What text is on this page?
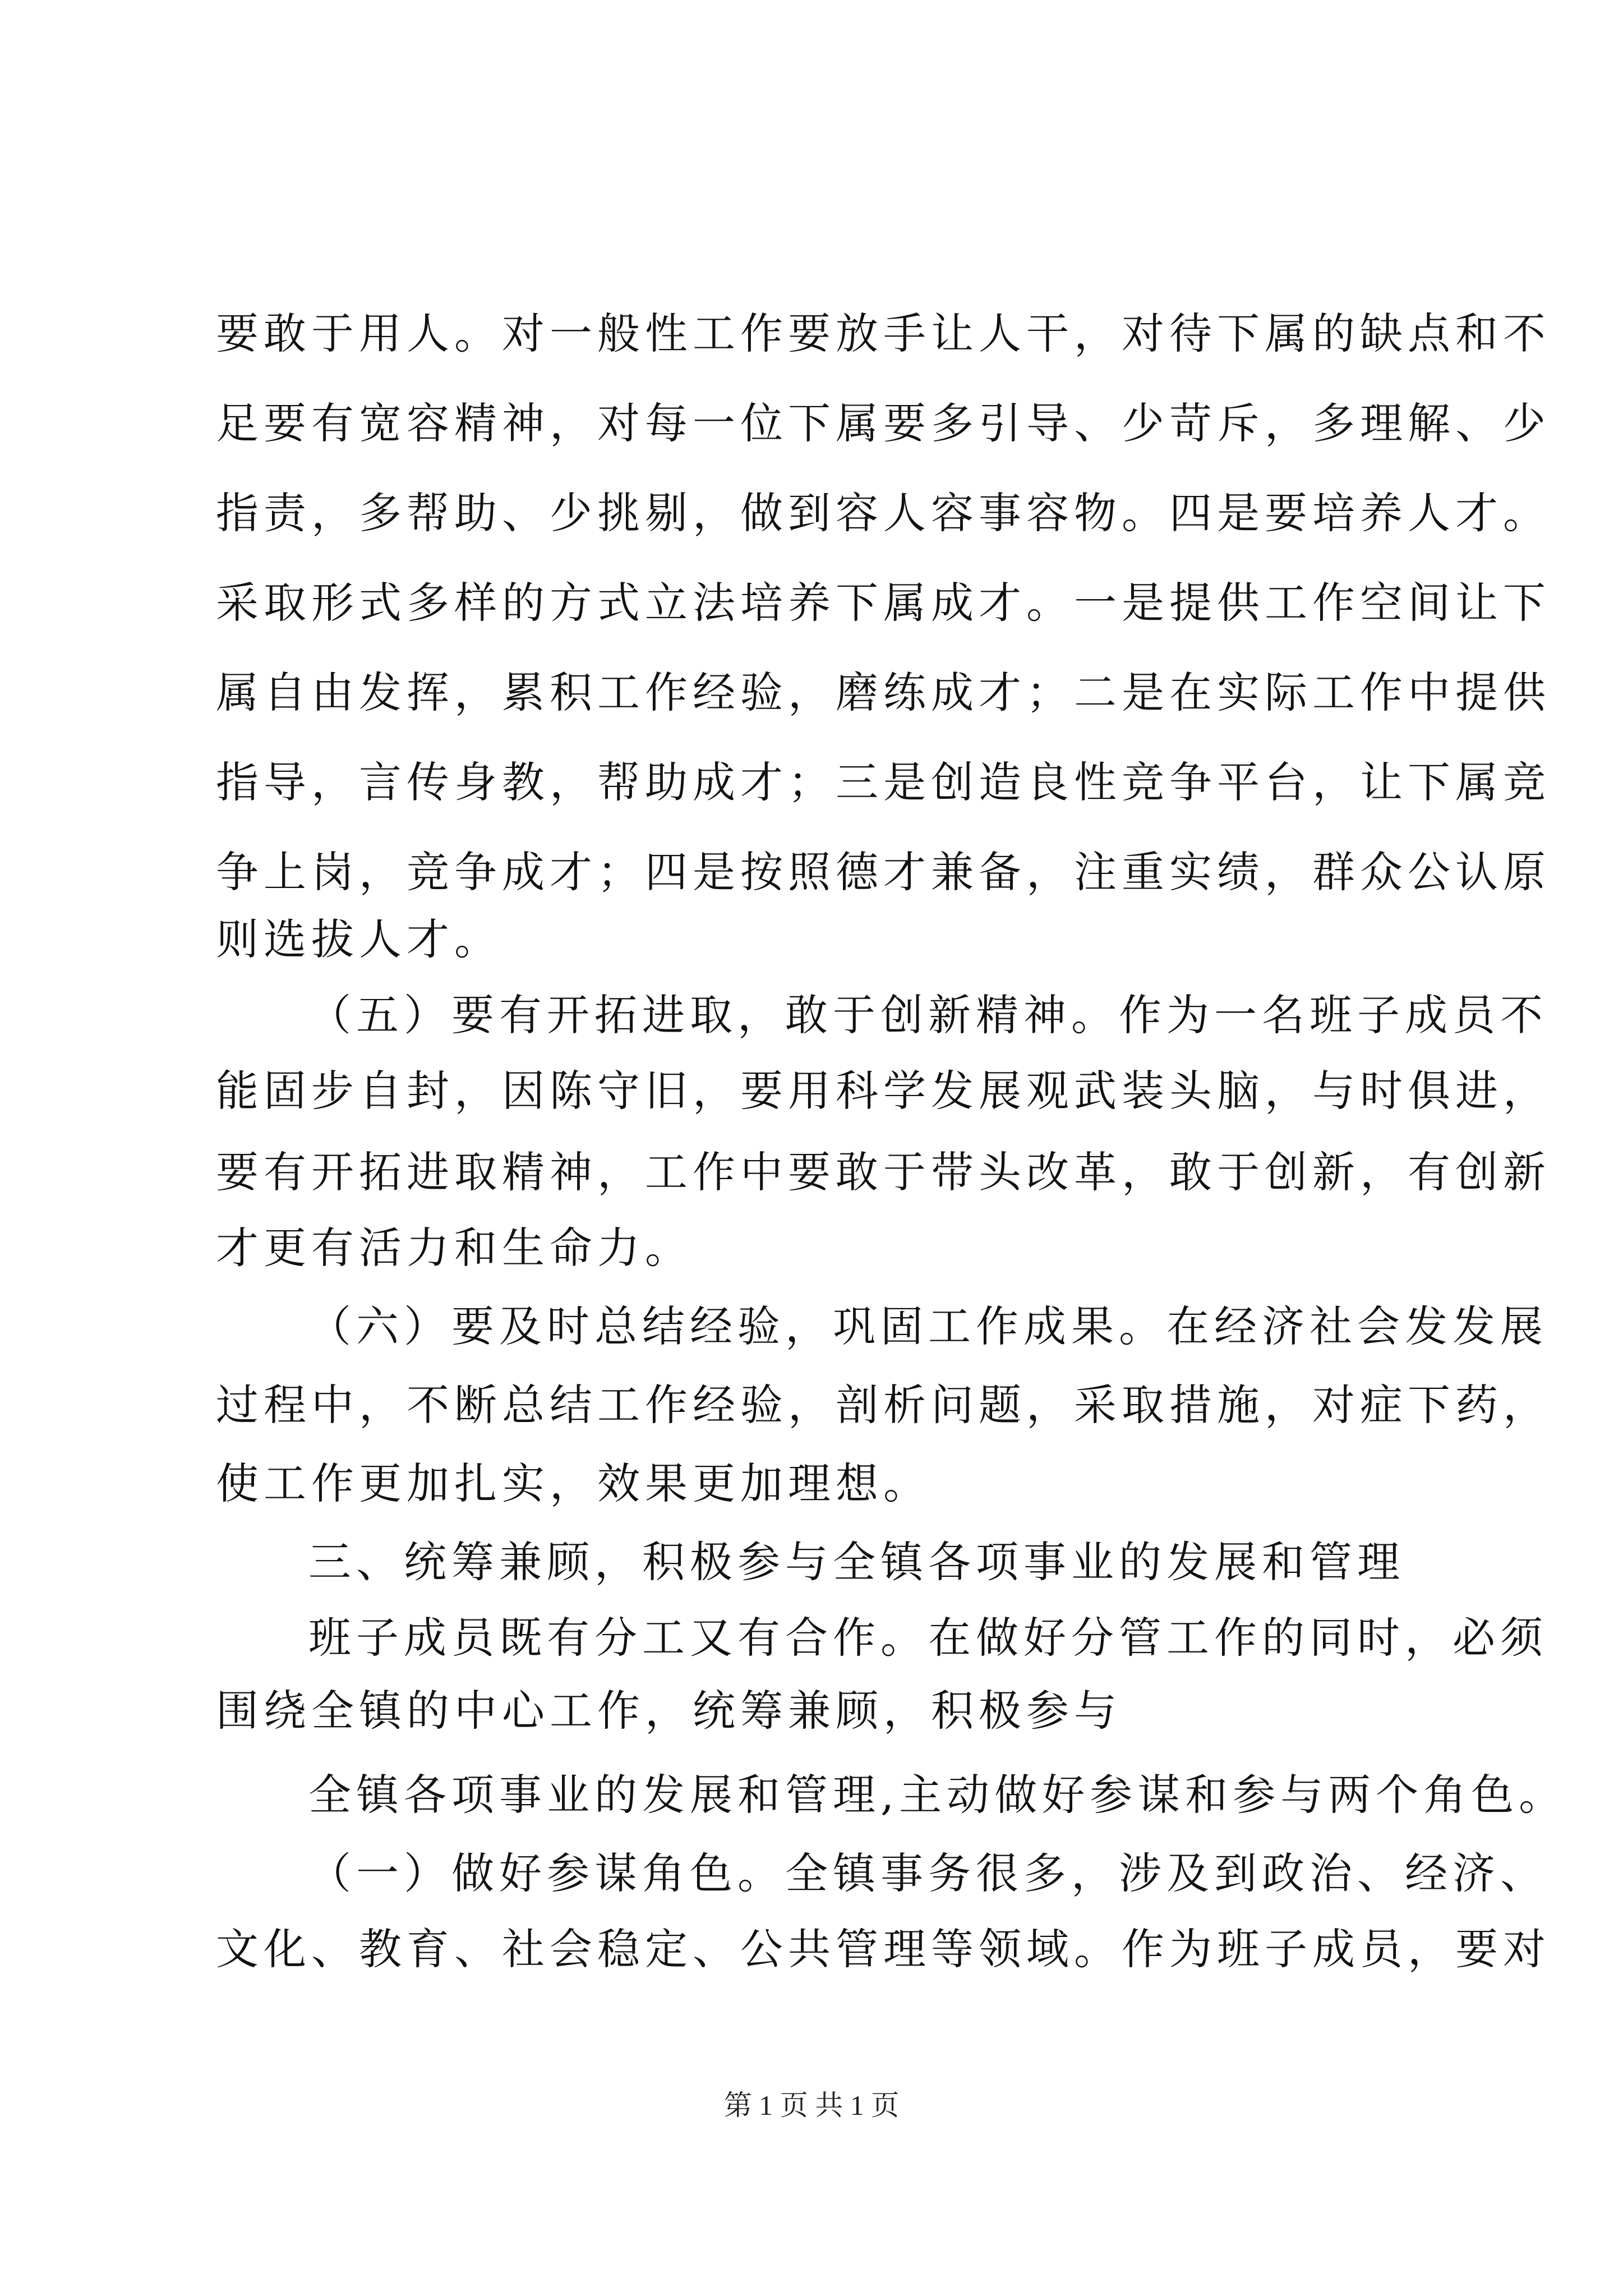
要敢于用人。对一般性工作要放手让人干，对待下属的缺点和不
足要有宽容精神，对每一位下属要多引导、少苛斥，多理解、少
指责，多帮助、少挑剔，做到容人容事容物。四是要培养人才。
采取形式多样的方式立法培养下属成才。一是提供工作空间让下
属自由发挥，累积工作经验，磨练成才；二是在实际工作中提供
指导，言传身教，帮助成才；三是创造良性竞争平台，让下属竞
争上岗，竞争成才；四是按照德才兼备，注重实绩，群众公认原
则选拔人才。
（五）要有开拓进取，敢于创新精神。作为一名班子成员不
能固步自封，因陈守旧，要用科学发展观武装头脑，与时俱进，
要有开拓进取精神，工作中要敢于带头改革，敢于创新，有创新
才更有活力和生命力。
（六）要及时总结经验，巩固工作成果。在经济社会发发展
过程中，不断总结工作经验，剖析问题，采取措施，对症下药，
使工作更加扎实，效果更加理想。
三、统筹兼顾，积极参与全镇各项事业的发展和管理
班子成员既有分工又有合作。在做好分管工作的同时，必须
围绕全镇的中心工作，统筹兼顾，积极参与
全镇各项事业的发展和管理,主动做好参谋和参与两个角色。
（一）做好参谋角色。全镇事务很多，涉及到政治、经济、
文化、教育、社会稳定、公共管理等领域。作为班子成员，要对
第 1 页 共 1 页
